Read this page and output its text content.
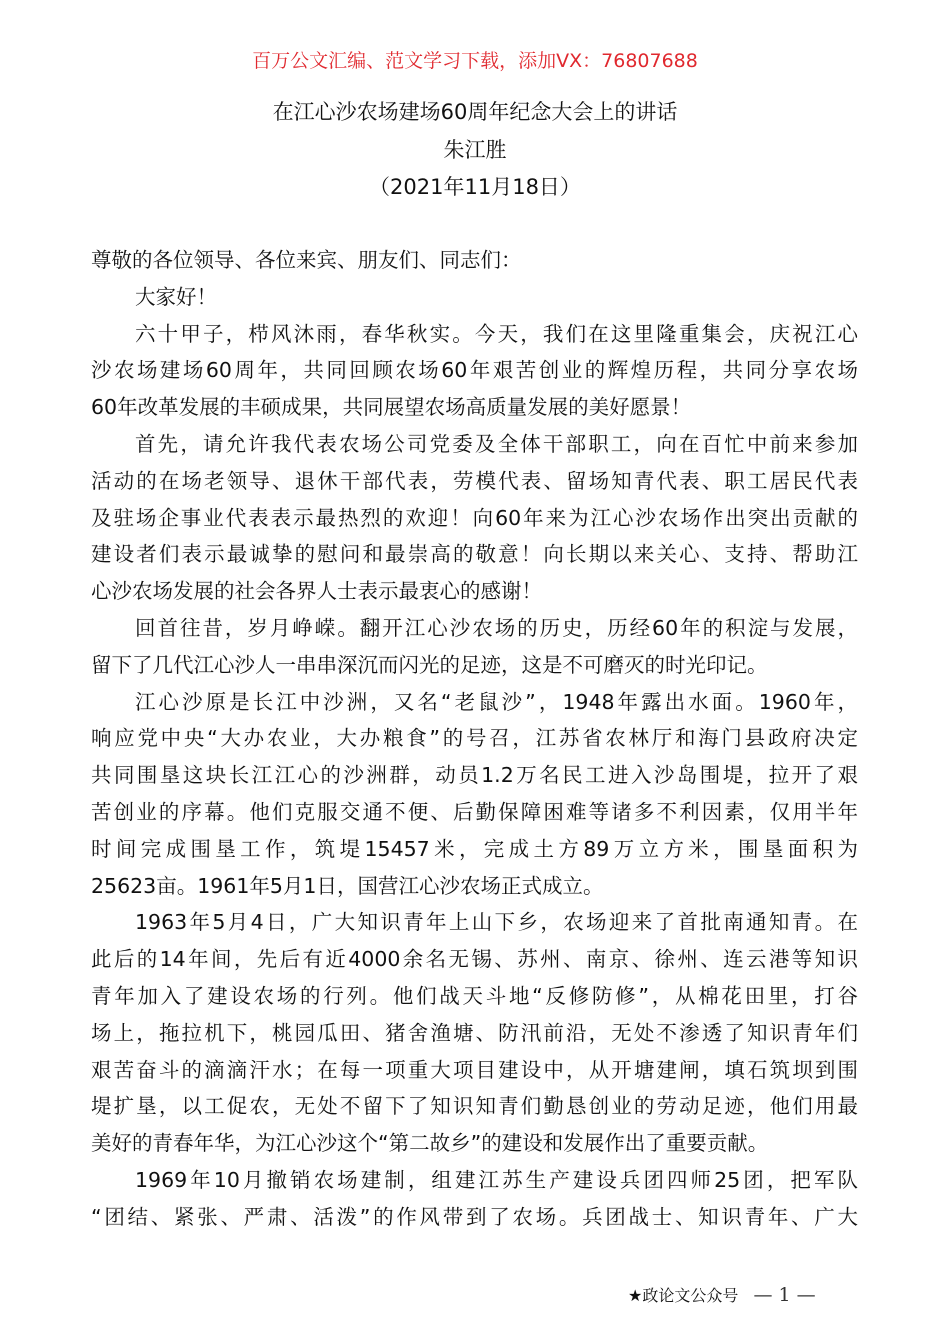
百万公文汇编、范文学习下载，添加VX：76807688
在江心沙农场建场60周年纪念大会上的讲话
朱江胜
（2021年11月18日）
尊敬的各位领导、各位来宾、朋友们、同志们：
大家好！
六十甲子，栉风沐雨，春华秋实。今天，我们在这里隆重集会，庆祝江心
沙农场建场60周年，共同回顾农场60年艰苦创业的辉煌历程，共同分享农场
60年改革发展的丰硕成果，共同展望农场高质量发展的美好愿景！
首先，请允许我代表农场公司党委及全体干部职工，向在百忙中前来参加
活动的在场老领导、退休干部代表，劳模代表、留场知青代表、职工居民代表
及驻场企事业代表表示最热烈的欢迎！向60年来为江心沙农场作出突出贡献的
建设者们表示最诚挚的慰问和最崇高的敬意！向长期以来关心、支持、帮助江
心沙农场发展的社会各界人士表示最衷心的感谢！
回首往昔，岁月峥嵘。翻开江心沙农场的历史，历经60年的积淀与发展，
留下了几代江心沙人一串串深沉而闪光的足迹，这是不可磨灭的时光印记。
江心沙原是长江中沙洲，又名“老鼠沙”，1948年露出水面。1960年，
响应党中央“大办农业，大办粮食”的号召，江苏省农林厅和海门县政府决定
共同围垦这块长江江心的沙洲群，动员1.2万名民工进入沙岛围堤，拉开了艰
苦创业的序幕。他们克服交通不便、后勤保障困难等诸多不利因素，仅用半年
时间完成围垦工作，筑堤15457米，完成土方89万立方米，围垦面积为
25623亩。1961年5月1日，国营江心沙农场正式成立。
1963年5月4日，广大知识青年上山下乡，农场迎来了首批南通知青。在
此后的14年间，先后有近4000余名无锡、苏州、南京、徐州、连云港等知识
青年加入了建设农场的行列。他们战天斗地“反修防修”，从棉花田里，打谷
场上，拖拉机下，桃园瓜田、猪舍渔塘、防汛前沿，无处不渗透了知识青年们
艰苦奋斗的滴滴汗水；在每一项重大项目建设中，从开塘建闸，填石筑坝到围
堤扩垦，以工促农，无处不留下了知识知青们勤恳创业的劳动足迹，他们用最
美好的青春年华，为江心沙这个“第二故乡”的建设和发展作出了重要贡献。
1969年10月撤销农场建制，组建江苏生产建设兵团四师25团，把军队
“团结、紧张、严肃、活泼”的作风带到了农场。兵团战士、知识青年、广大
★政论文公众号 — 1 —
